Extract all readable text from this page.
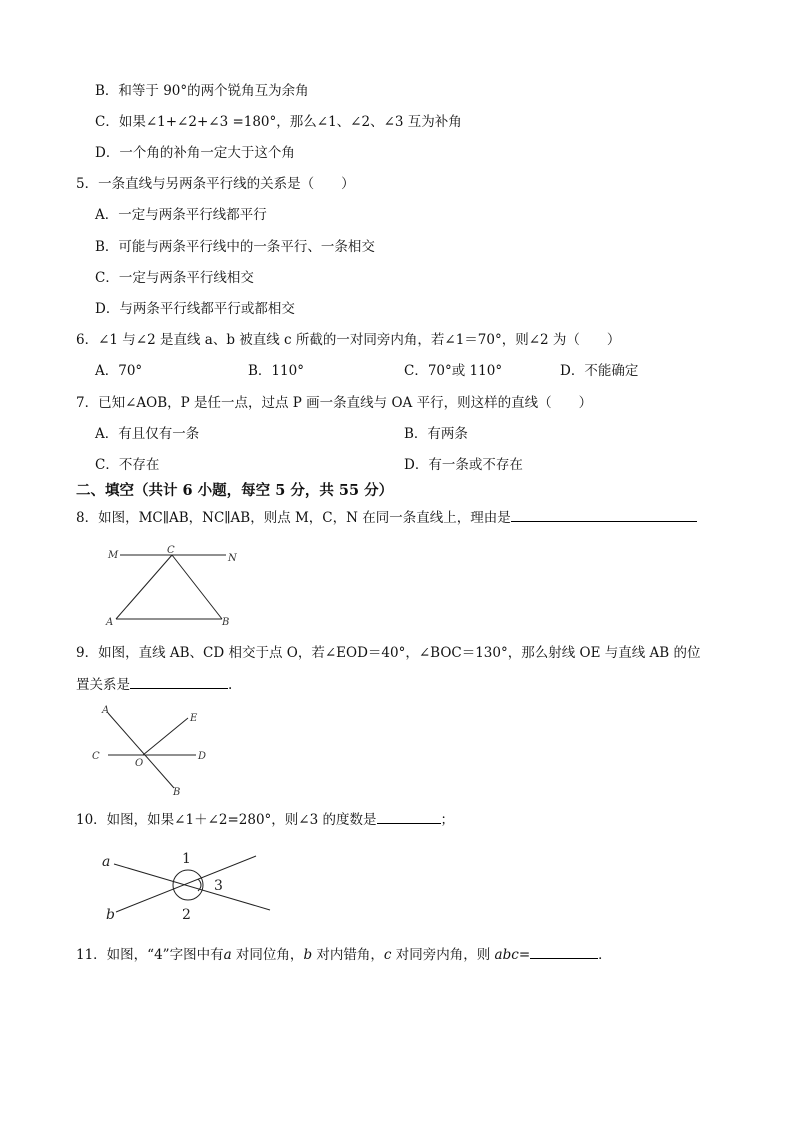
B．和等于 90°的两个锐角互为余角
C．如果∠1+∠2+∠3 =180°，那么∠1、∠2、∠3 互为补角
D．一个角的补角一定大于这个角
5．一条直线与另两条平行线的关系是（　　）
A．一定与两条平行线都平行
B．可能与两条平行线中的一条平行、一条相交
C．一定与两条平行线相交
D．与两条平行线都平行或都相交
6．∠1 与∠2 是直线 a、b 被直线 c 所截的一对同旁内角，若∠1＝70°，则∠2 为（　　）
A．70°	B．110°	C．70°或 110°	D．不能确定
7．已知∠AOB，P 是任一点，过点 P 画一条直线与 OA 平行，则这样的直线（　　）
A．有且仅有一条	B．有两条
C．不存在	D．有一条或不存在
二、填空（共计 6 小题，每空 5 分，共 55 分）
8．如图，MC∥AB，NC∥AB，则点 M，C，N 在同一条直线上，理由是
M	C
N
A	B
9．如图，直线 AB、CD 相交于点 O，若∠EOD＝40°，∠BOC＝130°，那么射线 OE 与直线 AB 的位
置关系是	.
A
E
C	D
O
B
10．如图，如果∠1＋∠2=280°，则∠3 的度数是	；
a
b
1
2
3
11．如图，“4”字图中有a 对同位角，b 对内错角，c 对同旁内角，则 abc=	．
